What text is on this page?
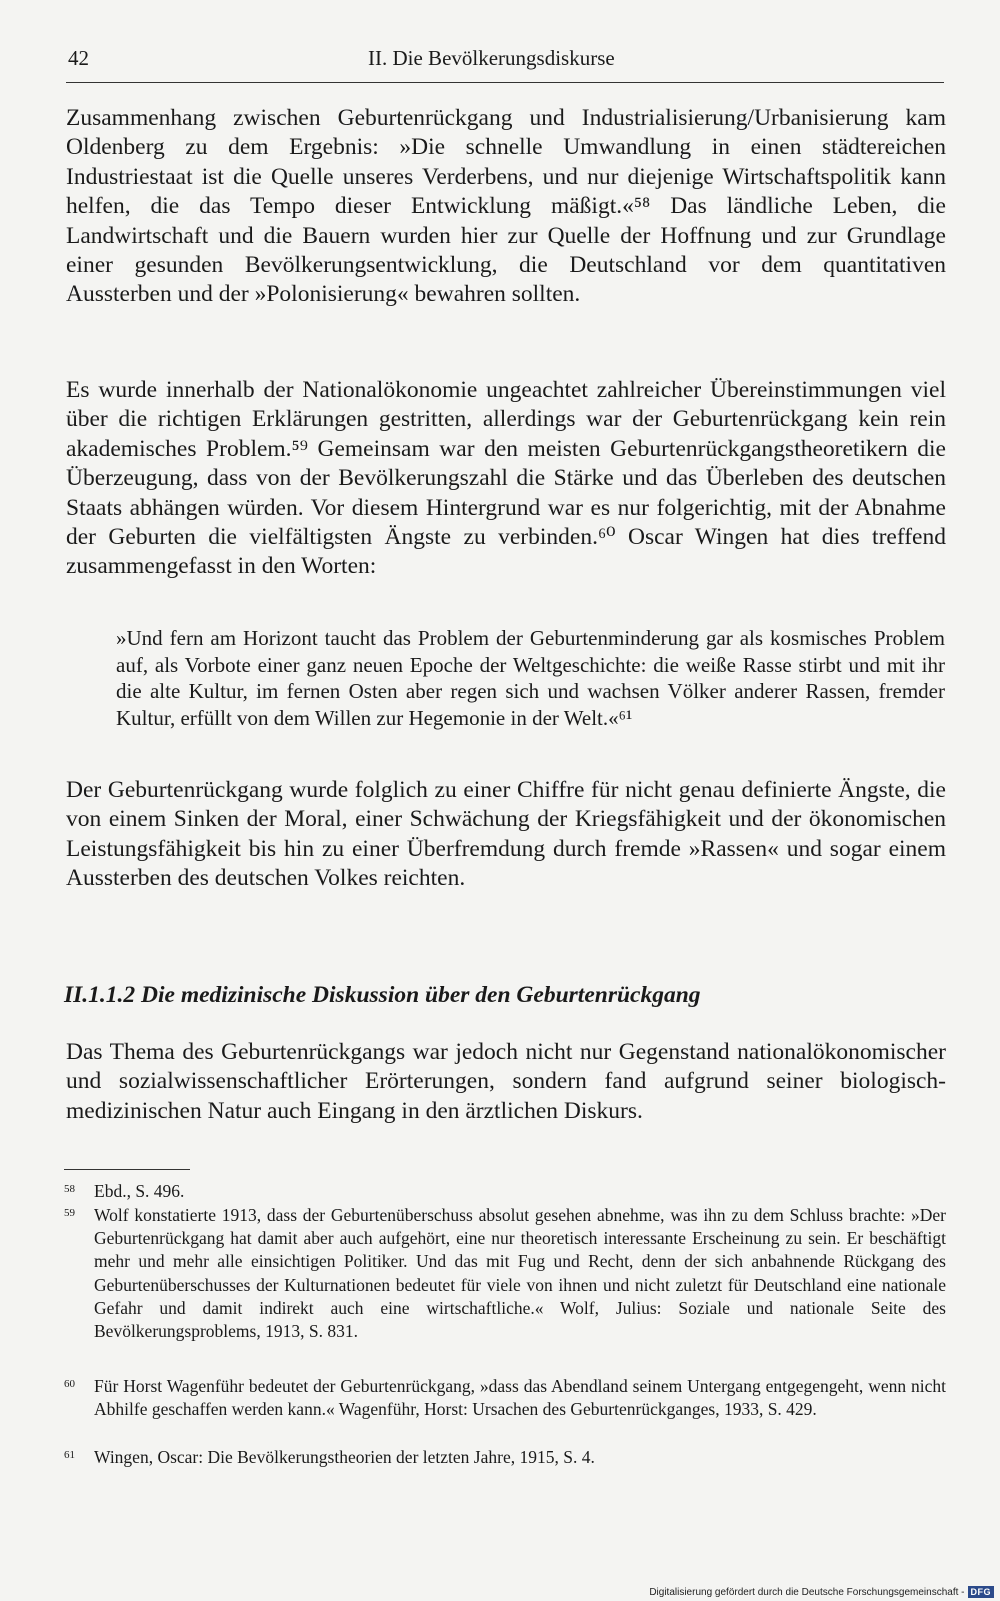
42	II. Die Bevölkerungsdiskurse

Zusammenhang zwischen Geburtenrückgang und Industrialisierung/Urbanisierung kam Oldenberg zu dem Ergebnis: »Die schnelle Umwandlung in einen städtereichen Industriestaat ist die Quelle unseres Verderbens, und nur diejenige Wirtschaftspolitik kann helfen, die das Tempo dieser Entwicklung mäßigt.«⁵⁸ Das ländliche Leben, die Landwirtschaft und die Bauern wurden hier zur Quelle der Hoffnung und zur Grundlage einer gesunden Bevölkerungsentwicklung, die Deutschland vor dem quantitativen Aussterben und der »Polonisierung« bewahren sollten.

Es wurde innerhalb der Nationalökonomie ungeachtet zahlreicher Übereinstimmungen viel über die richtigen Erklärungen gestritten, allerdings war der Geburtenrückgang kein rein akademisches Problem.⁵⁹ Gemeinsam war den meisten Geburtenrückgangstheoretikern die Überzeugung, dass von der Bevölkerungszahl die Stärke und das Überleben des deutschen Staats abhängen würden. Vor diesem Hintergrund war es nur folgerichtig, mit der Abnahme der Geburten die vielfältigsten Ängste zu verbinden.⁶⁰ Oscar Wingen hat dies treffend zusammengefasst in den Worten:

»Und fern am Horizont taucht das Problem der Geburtenminderung gar als kosmisches Problem auf, als Vorbote einer ganz neuen Epoche der Weltgeschichte: die weiße Rasse stirbt und mit ihr die alte Kultur, im fernen Osten aber regen sich und wachsen Völker anderer Rassen, fremder Kultur, erfüllt von dem Willen zur Hegemonie in der Welt.«⁶¹

Der Geburtenrückgang wurde folglich zu einer Chiffre für nicht genau definierte Ängste, die von einem Sinken der Moral, einer Schwächung der Kriegsfähigkeit und der ökonomischen Leistungsfähigkeit bis hin zu einer Überfremdung durch fremde »Rassen« und sogar einem Aussterben des deutschen Volkes reichten.

II.1.1.2 Die medizinische Diskussion über den Geburtenrückgang

Das Thema des Geburtenrückgangs war jedoch nicht nur Gegenstand nationalökonomischer und sozialwissenschaftlicher Erörterungen, sondern fand aufgrund seiner biologisch-medizinischen Natur auch Eingang in den ärztlichen Diskurs.

58 Ebd., S. 496.
59 Wolf konstatierte 1913, dass der Geburtenüberschuss absolut gesehen abnehme, was ihn zu dem Schluss brachte: »Der Geburtenrückgang hat damit aber auch aufgehört, eine nur theoretisch interessante Erscheinung zu sein. Er beschäftigt mehr und mehr alle einsichtigen Politiker. Und das mit Fug und Recht, denn der sich anbahnende Rückgang des Geburtenüberschusses der Kulturnationen bedeutet für viele von ihnen und nicht zuletzt für Deutschland eine nationale Gefahr und damit indirekt auch eine wirtschaftliche.« Wolf, Julius: Soziale und nationale Seite des Bevölkerungsproblems, 1913, S. 831.
60 Für Horst Wagenführ bedeutet der Geburtenrückgang, »dass das Abendland seinem Untergang entgegengeht, wenn nicht Abhilfe geschaffen werden kann.« Wagenführ, Horst: Ursachen des Geburtenrückganges, 1933, S. 429.
61 Wingen, Oscar: Die Bevölkerungstheorien der letzten Jahre, 1915, S. 4.
Digitalisierung gefördert durch die Deutsche Forschungsgemeinschaft - DFG
